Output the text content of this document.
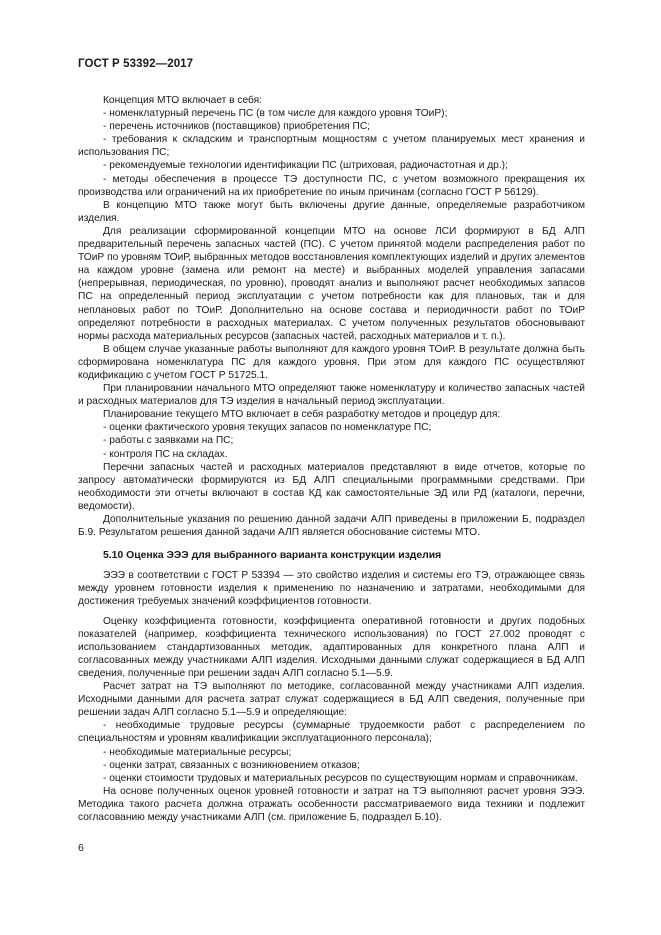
ГОСТ Р 53392—2017

Концепция МТО включает в себя:

- номенклатурный перечень ПС (в том числе для каждого уровня ТОиР);

- перечень источников (поставщиков) приобретения ПС;

- требования к складским и транспортным мощностям с учетом планируемых мест хранения и использования ПС;

- рекомендуемые технологии идентификации ПС (штриховая, радиочастотная и др.);

- методы обеспечения в процессе ТЭ доступности ПС, с учетом возможного прекращения их производства или ограничений на их приобретение по иным причинам (согласно ГОСТ Р 56129).

В концепцию МТО также могут быть включены другие данные, определяемые разработчиком изделия.

Для реализации сформированной концепции МТО на основе ЛСИ формируют в БД АЛП предварительный перечень запасных частей (ПС). С учетом принятой модели распределения работ по ТОиР по уровням ТОиР, выбранных методов восстановления комплектующих изделий и других элементов на каждом уровне (замена или ремонт на месте) и выбранных моделей управления запасами (непрерывная, периодическая, по уровню), проводят анализ и выполняют расчет необходимых запасов ПС на определенный период эксплуатации с учетом потребности как для плановых, так и для неплановых работ по ТОиР. Дополнительно на основе состава и периодичности работ по ТОиР определяют потребности в расходных материалах. С учетом полученных результатов обосновывают нормы расхода материальных ресурсов (запасных частей, расходных материалов и т. п.).

В общем случае указанные работы выполняют для каждого уровня ТОиР. В результате должна быть сформирована номенклатура ПС для каждого уровня. При этом для каждого ПС осуществляют кодификацию с учетом ГОСТ Р 51725.1.

При планировании начального МТО определяют также номенклатуру и количество запасных частей и расходных материалов для ТЭ изделия в начальный период эксплуатации.

Планирование текущего МТО включает в себя разработку методов и процедур для:

- оценки фактического уровня текущих запасов по номенклатуре ПС;

- работы с заявками на ПС;

- контроля ПС на складах.

Перечни запасных частей и расходных материалов представляют в виде отчетов, которые по запросу автоматически формируются из БД АЛП специальными программными средствами. При необходимости эти отчеты включают в состав КД как самостоятельные ЭД или РД (каталоги, перечни, ведомости).

Дополнительные указания по решению данной задачи АЛП приведены в приложении Б, подраздел Б.9. Результатом решения данной задачи АЛП является обоснование системы МТО.

5.10 Оценка ЭЭЭ для выбранного варианта конструкции изделия

ЭЭЭ в соответствии с ГОСТ Р 53394 — это свойство изделия и системы его ТЭ, отражающее связь между уровнем готовности изделия к применению по назначению и затратами, необходимыми для достижения требуемых значений коэффициентов готовности.

Оценку коэффициента готовности, коэффициента оперативной готовности и других подобных показателей (например, коэффициента технического использования) по ГОСТ 27.002 проводят с использованием стандартизованных методик, адаптированных для конкретного плана АЛП и согласованных между участниками АЛП изделия. Исходными данными служат содержащиеся в БД АЛП сведения, полученные при решении задач АЛП согласно 5.1—5.9.

Расчет затрат на ТЭ выполняют по методике, согласованной между участниками АЛП изделия. Исходными данными для расчета затрат служат содержащиеся в БД АЛП сведения, полученные при решении задач АЛП согласно 5.1—5.9 и определяющие:

- необходимые трудовые ресурсы (суммарные трудоемкости работ с распределением по специальностям и уровням квалификации эксплуатационного персонала);

- необходимые материальные ресурсы;

- оценки затрат, связанных с возникновением отказов;

- оценки стоимости трудовых и материальных ресурсов по существующим нормам и справочникам.

На основе полученных оценок уровней готовности и затрат на ТЭ выполняют расчет уровня ЭЭЭ. Методика такого расчета должна отражать особенности рассматриваемого вида техники и подлежит согласованию между участниками АЛП (см. приложение Б, подраздел Б.10).

6
